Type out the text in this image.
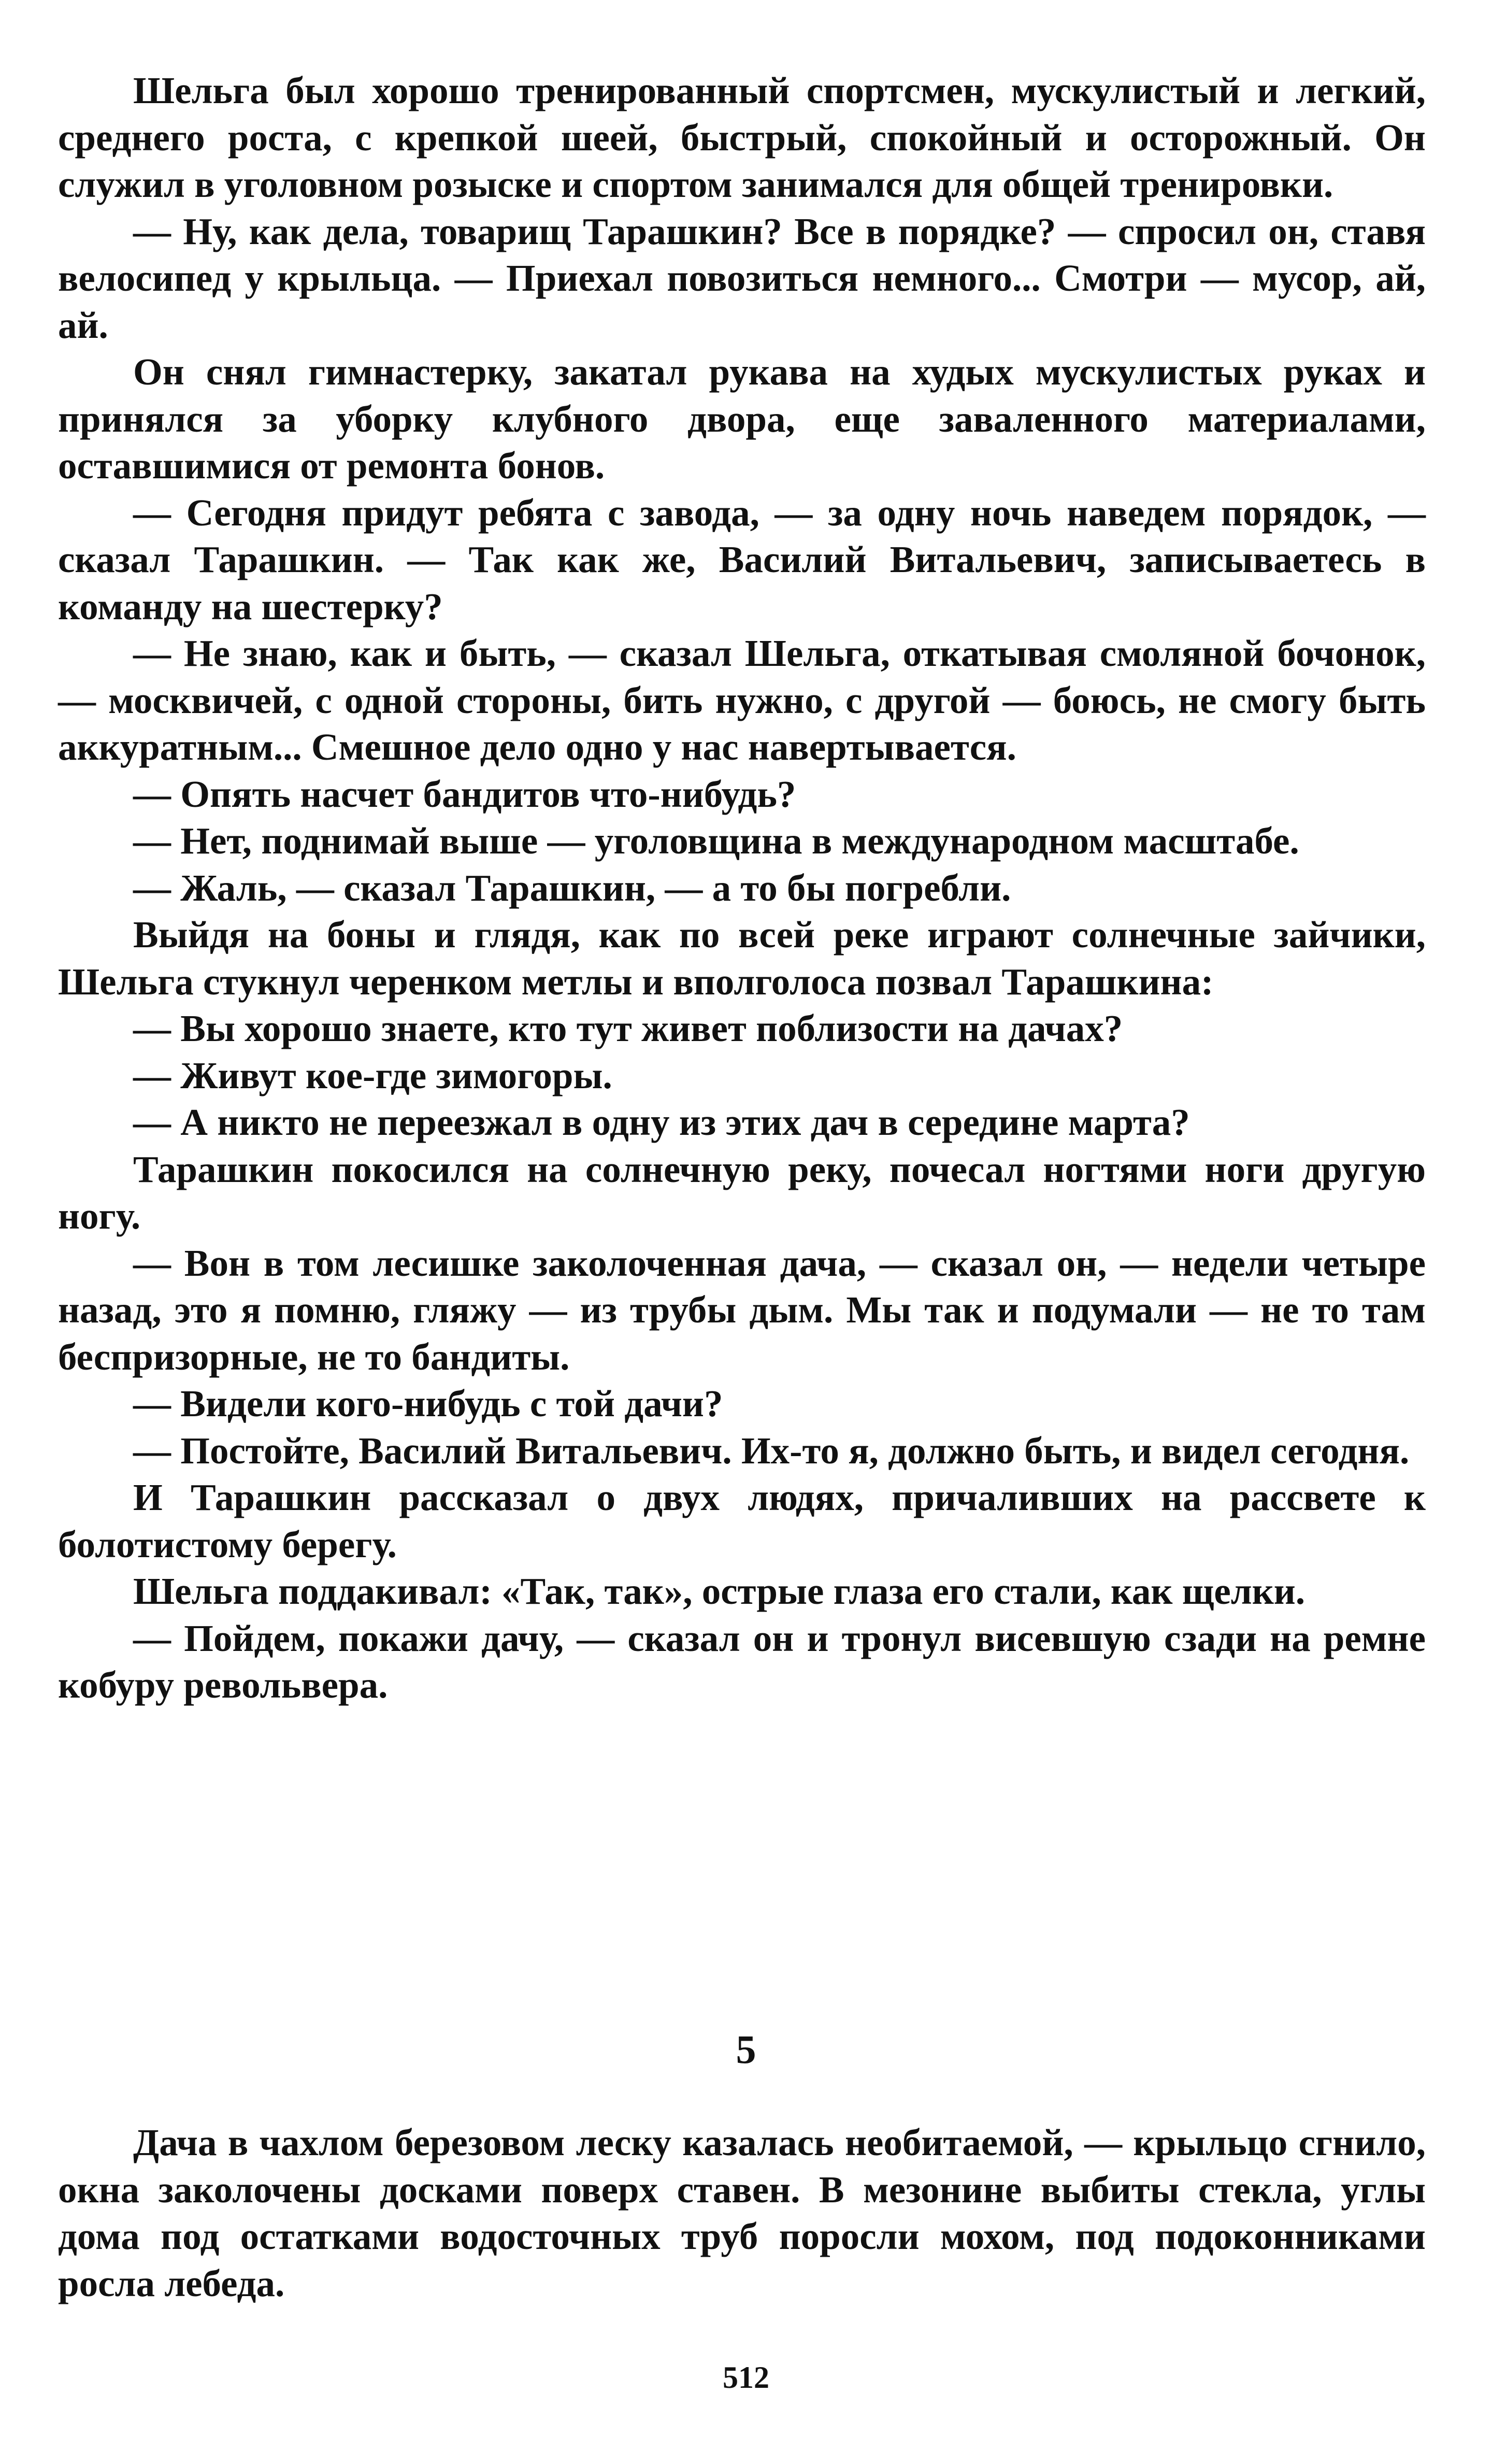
Шельга был хорошо тренированный спортсмен, мускулистый и легкий, среднего роста, с крепкой шеей, быстрый, спокойный и осторожный. Он служил в уголовном розыске и спортом занимался для общей тренировки.

— Ну, как дела, товарищ Тарашкин? Все в порядке? — спросил он, ставя велосипед у крыльца. — Приехал повозиться немного... Смотри — мусор, ай, ай.

Он снял гимнастерку, закатал рукава на худых мускулистых руках и принялся за уборку клубного двора, еще заваленного материалами, оставшимися от ремонта бонов.

— Сегодня придут ребята с завода, — за одну ночь наведем порядок, — сказал Тарашкин. — Так как же, Василий Витальевич, записываетесь в команду на шестерку?

— Не знаю, как и быть, — сказал Шельга, откатывая смоляной бочонок, — москвичей, с одной стороны, бить нужно, с другой — боюсь, не смогу быть аккуратным... Смешное дело одно у нас навертывается.

— Опять насчет бандитов что-нибудь?

— Нет, поднимай выше — уголовщина в международном масштабе.

— Жаль, — сказал Тарашкин, — а то бы погребли.

Выйдя на боны и глядя, как по всей реке играют солнечные зайчики, Шельга стукнул черенком метлы и вполголоса позвал Тарашкина:

— Вы хорошо знаете, кто тут живет поблизости на дачах?

— Живут кое-где зимогоры.

— А никто не переезжал в одну из этих дач в середине марта?

Тарашкин покосился на солнечную реку, почесал ногтями ноги другую ногу.

— Вон в том лесишке заколоченная дача, — сказал он, — недели четыре назад, это я помню, гляжу — из трубы дым. Мы так и подумали — не то там беспризорные, не то бандиты.

— Видели кого-нибудь с той дачи?

— Постойте, Василий Витальевич. Их-то я, должно быть, и видел сегодня.

И Тарашкин рассказал о двух людях, причаливших на рассвете к болотистому берегу.

Шельга поддакивал: «Так, так», острые глаза его стали, как щелки.

— Пойдем, покажи дачу, — сказал он и тронул висевшую сзади на ремне кобуру револьвера.

5

Дача в чахлом березовом леску казалась необитаемой, — крыльцо сгнило, окна заколочены досками поверх ставен. В мезонине выбиты стекла, углы дома под остатками водосточных труб поросли мохом, под подоконниками росла лебеда.

512
